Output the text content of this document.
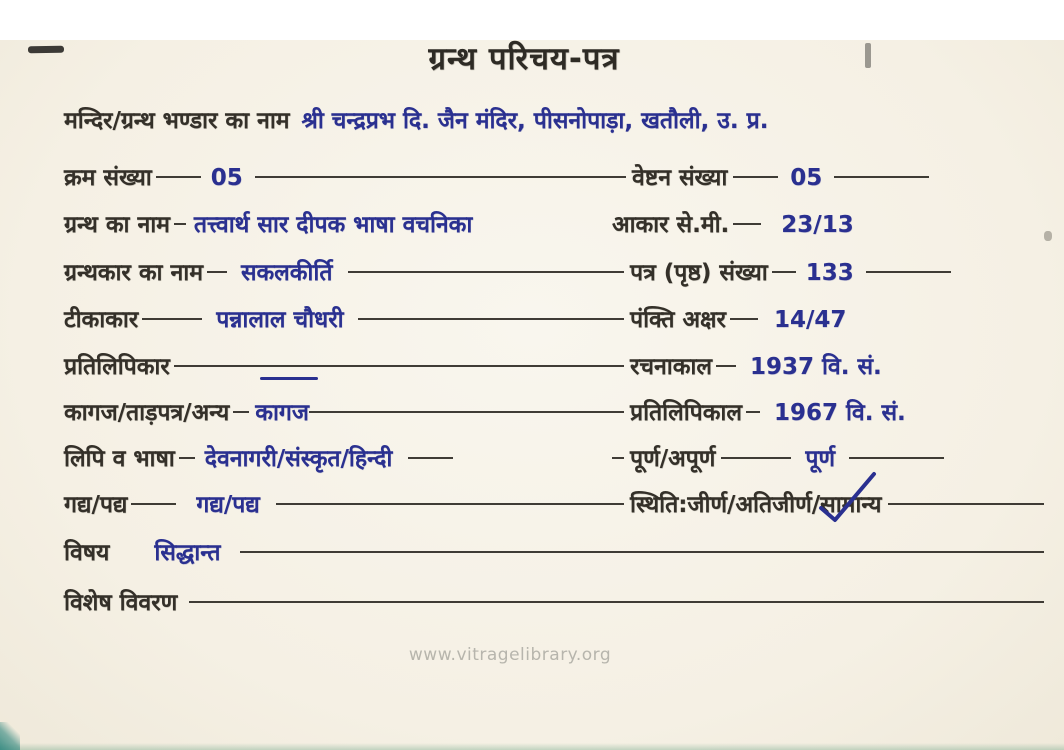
ग्रन्थ परिचय-पत्र
मन्दिर/ग्रन्थ भण्डार का नाम श्री चन्द्रप्रभ दि. जैन मंदिर, पीसनोपाड़ा, खतौली, उ. प्र.
क्रम संख्या	05	वेष्टन संख्या	05
ग्रन्थ का नाम तत्त्वार्थ सार दीपक भाषा वचनिका	आकार से.मी. 23/13
ग्रन्थकार का नाम सकलकीर्ति	पत्र (पृष्ठ) संख्या 133
टीकाकार	पन्नालाल चौधरी	पंक्ति अक्षर 14/47
प्रतिलिपिकार	रचनाकाल 1937 वि. सं.
कागज/ताड़पत्र/अन्य कागज	प्रतिलिपिकाल 1967 वि. सं.
लिपि व भाषा देवनागरी/संस्कृत/हिन्दी	पूर्ण/अपूर्ण	पूर्ण
गद्य/पद्य	गद्य/पद्य	स्थिति:जीर्ण/अतिजीर्ण/ सामान्य
विषय सिद्धान्त
विशेष विवरण
www.vitragelibrary.org
